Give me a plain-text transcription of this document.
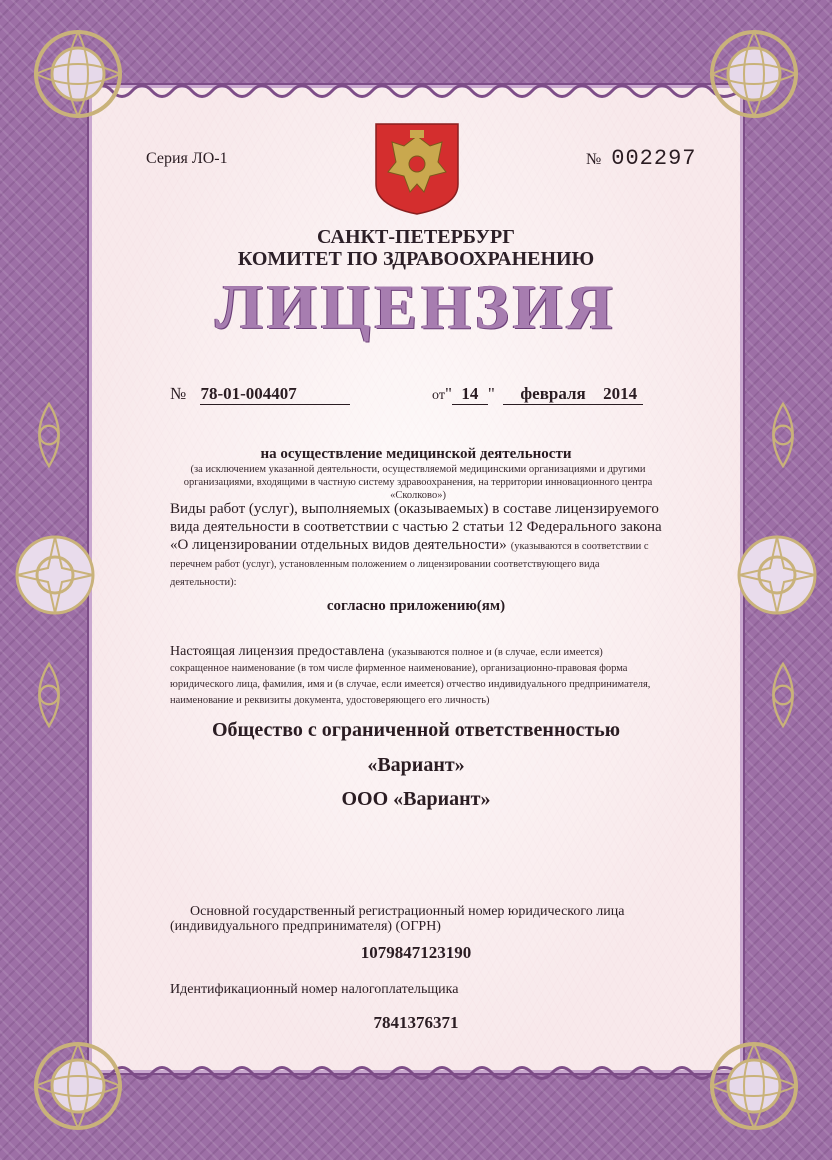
Серия ЛО-1	№ 002297
САНКТ-ПЕТЕРБУРГ
КОМИТЕТ ПО ЗДРАВООХРАНЕНИЮ
ЛИЦЕНЗИЯ
№ 78-01-004407	от" 14 " февраля 2014
на осуществление медицинской деятельности
(за исключением указанной деятельности, осуществляемой медицинскими организациями и другими организациями, входящими в частную систему здравоохранения, на территории инновационного центра «Сколково»)
Виды работ (услуг), выполняемых (оказываемых) в составе лицензируемого вида деятельности в соответствии с частью 2 статьи 12 Федерального закона «О лицензировании отдельных видов деятельности» (указываются в соответствии с перечнем работ (услуг), установленным положением о лицензировании соответствующего вида деятельности):
согласно приложению(ям)
Настоящая лицензия предоставлена (указываются полное и (в случае, если имеется) сокращенное наименование (в том числе фирменное наименование), организационно-правовая форма юридического лица, фамилия, имя и (в случае, если имеется) отчество индивидуального предпринимателя, наименование и реквизиты документа, удостоверяющего его личность)
Общество с ограниченной ответственностью
«Вариант»
ООО «Вариант»
Основной государственный регистрационный номер юридического лица (индивидуального предпринимателя) (ОГРН)
1079847123190
Идентификационный номер налогоплательщика
7841376371
